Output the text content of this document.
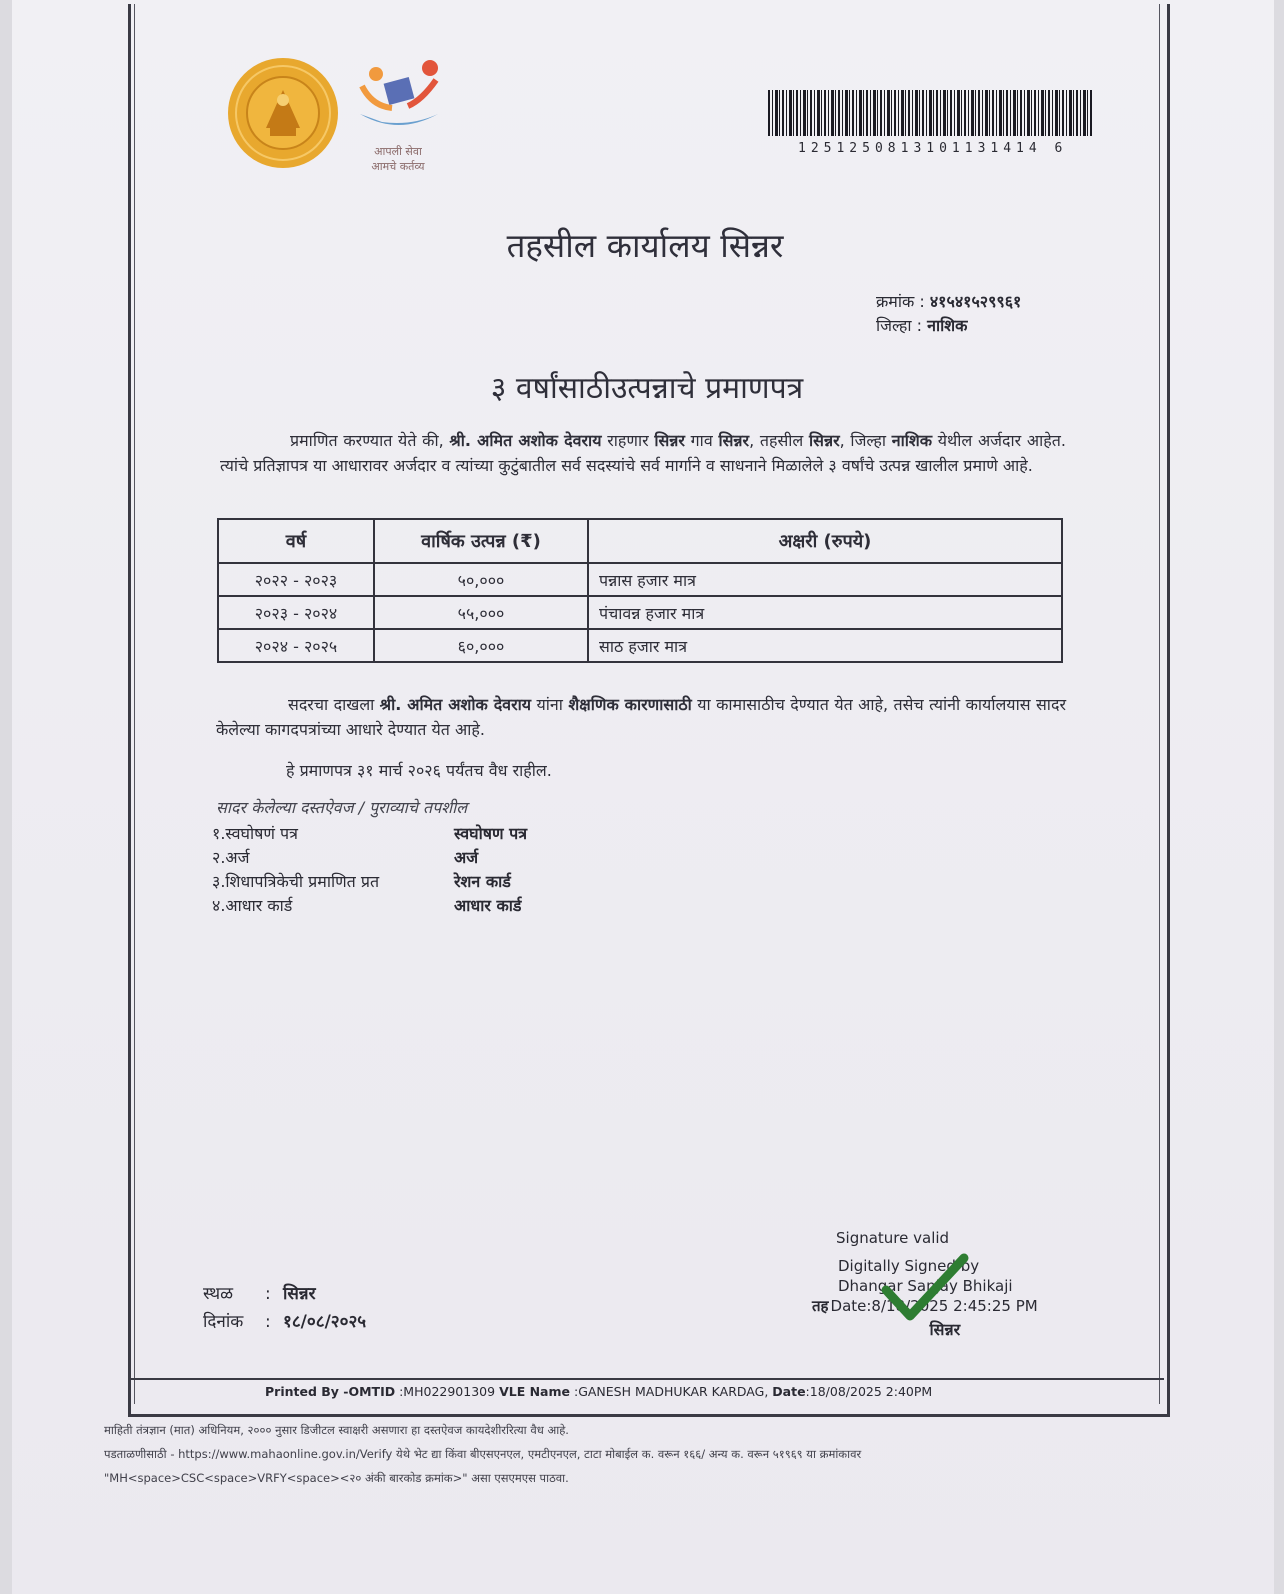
आपली सेवा
आमचे कर्तव्य
1251250813101131414 6
तहसील कार्यालय सिन्नर
क्रमांक : ४१५४१५२९९६१
जिल्हा : नाशिक
३ वर्षांसाठीउत्पन्नाचे प्रमाणपत्र
प्रमाणित करण्यात येते की, श्री. अमित अशोक देवराय राहणार सिन्नर गाव सिन्नर, तहसील सिन्नर, जिल्हा नाशिक येथील अर्जदार आहेत. त्यांचे प्रतिज्ञापत्र या आधारावर अर्जदार व त्यांच्या कुटुंबातील सर्व सदस्यांचे सर्व मार्गाने व साधनाने मिळालेले ३ वर्षांचे उत्पन्न खालील प्रमाणे आहे.
वर्ष	वार्षिक उत्पन्न (₹)	अक्षरी (रुपये)
२०२२ - २०२३	५०,०००	पन्नास हजार मात्र
२०२३ - २०२४	५५,०००	पंचावन्न हजार मात्र
२०२४ - २०२५	६०,०००	साठ हजार मात्र
सदरचा दाखला श्री. अमित अशोक देवराय यांना शैक्षणिक कारणासाठी या कामासाठीच देण्यात येत आहे, तसेच त्यांनी कार्यालयास सादर केलेल्या कागदपत्रांच्या आधारे देण्यात येत आहे.
हे प्रमाणपत्र ३१ मार्च २०२६ पर्यंतच वैध राहील.
सादर केलेल्या दस्तऐवज / पुराव्याचे तपशील
१.स्वघोषणं पत्र	स्वघोषण पत्र
२.अर्ज	अर्ज
३.शिधापत्रिकेची प्रमाणित प्रत	रेशन कार्ड
४.आधार कार्ड	आधार कार्ड
स्थळ : सिन्नर
दिनांक : १८/०८/२०२५
Signature valid
Digitally Signed by
Dhangar Sanjay Bhikaji
तह Date:8/18/2025 2:45:25 PM
सिन्नर
Printed By -OMTID :MH022901309 VLE Name :GANESH MADHUKAR KARDAG, Date:18/08/2025 2:40PM
माहिती तंत्रज्ञान (मात) अधिनियम, २००० नुसार डिजीटल स्वाक्षरी असणारा हा दस्तऐवज कायदेशीररित्या वैध आहे.
पडताळणीसाठी - https://www.mahaonline.gov.in/Verify येथे भेट द्या किंवा बीएसएनएल, एमटीएनएल, टाटा मोबाईल क. वरून १६६/ अन्य क. वरून ५१९६९ या क्रमांकावर
"MH<space>CSC<space>VRFY<space><२० अंकी बारकोड क्रमांक>" असा एसएमएस पाठवा.
